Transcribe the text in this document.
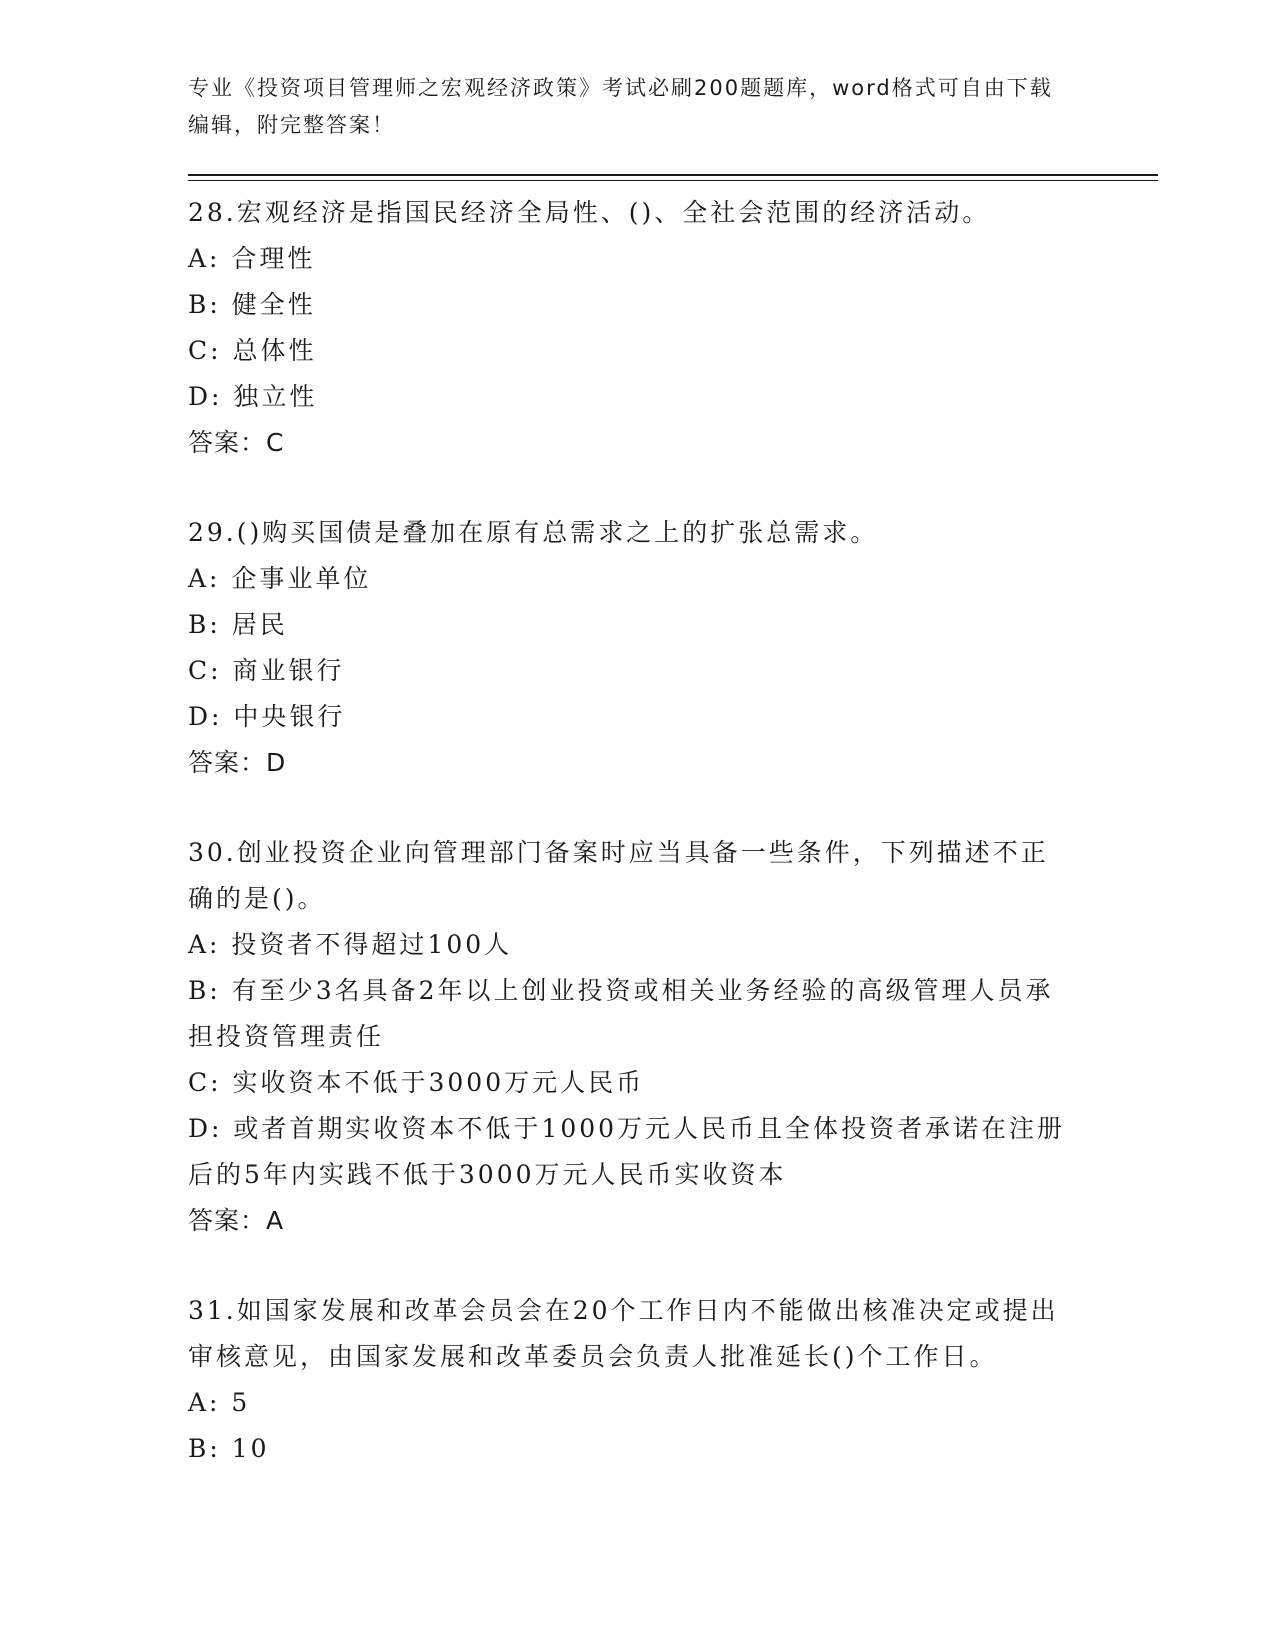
专业《投资项目管理师之宏观经济政策》考试必刷200题题库，word格式可自由下载编辑，附完整答案！
28.宏观经济是指国民经济全局性、()、全社会范围的经济活动。
A: 合理性
B: 健全性
C: 总体性
D: 独立性
答案：C
29.()购买国债是叠加在原有总需求之上的扩张总需求。
A: 企事业单位
B: 居民
C: 商业银行
D: 中央银行
答案：D
30.创业投资企业向管理部门备案时应当具备一些条件，下列描述不正确的是()。
A: 投资者不得超过100人
B: 有至少3名具备2年以上创业投资或相关业务经验的高级管理人员承担投资管理责任
C: 实收资本不低于3000万元人民币
D: 或者首期实收资本不低于1000万元人民币且全体投资者承诺在注册后的5年内实践不低于3000万元人民币实收资本
答案：A
31.如国家发展和改革会员会在20个工作日内不能做出核准决定或提出审核意见，由国家发展和改革委员会负责人批准延长()个工作日。
A: 5
B: 10
